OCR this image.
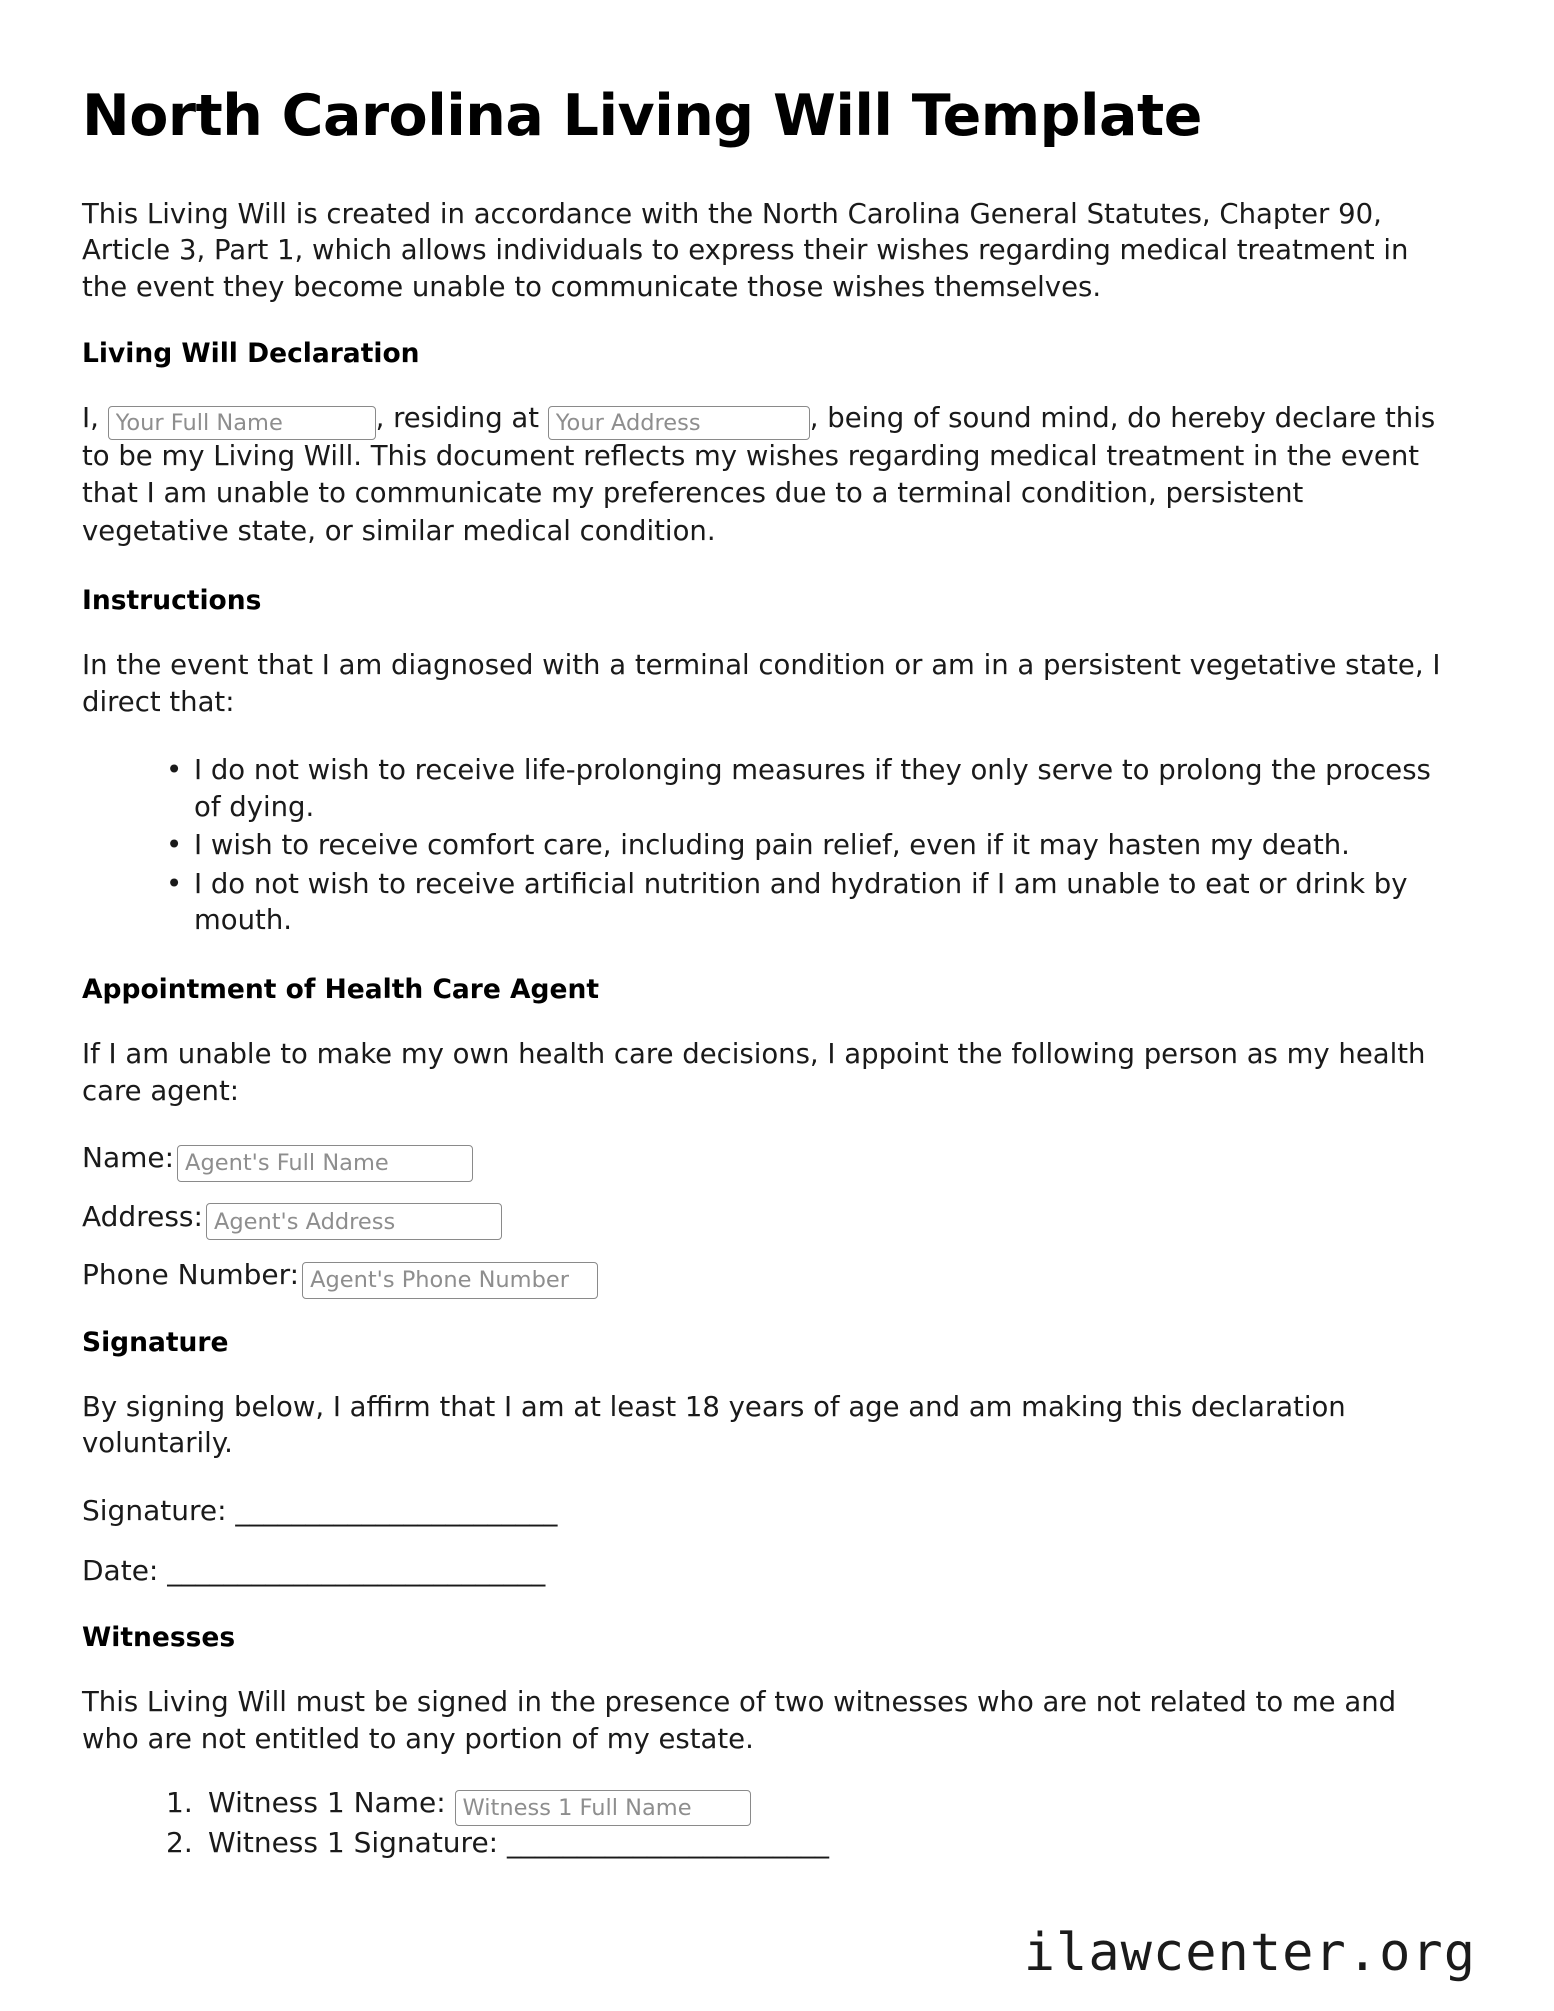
North Carolina Living Will Template

This Living Will is created in accordance with the North Carolina General Statutes, Chapter 90, Article 3, Part 1, which allows individuals to express their wishes regarding medical treatment in the event they become unable to communicate those wishes themselves.

Living Will Declaration

I, Your Full Name	, residing at Your Address	, being of sound mind, do hereby declare this to be my Living Will. This document reflects my wishes regarding medical treatment in the event that I am unable to communicate my preferences due to a terminal condition, persistent vegetative state, or similar medical condition.

Instructions

In the event that I am diagnosed with a terminal condition or am in a persistent vegetative state, I direct that:

• I do not wish to receive life-prolonging measures if they only serve to prolong the process of dying.
• I wish to receive comfort care, including pain relief, even if it may hasten my death.
• I do not wish to receive artificial nutrition and hydration if I am unable to eat or drink by mouth.
Appointment of Health Care Agent

If I am unable to make my own health care decisions, I appoint the following person as my health care agent:

Name:Agent's Full Name
Address:Agent's Address
Phone Number:Agent's Phone Number
Signature

By signing below, I affirm that I am at least 18 years of age and am making this declaration voluntarily.

Signature: _______________________
Date: ___________________________
Witnesses

This Living Will must be signed in the presence of two witnesses who are not related to me and who are not entitled to any portion of my estate.

Witness 1 Name: Witness 1 Full Name
Witness 1 Signature: _______________________
ilawcenter.org
